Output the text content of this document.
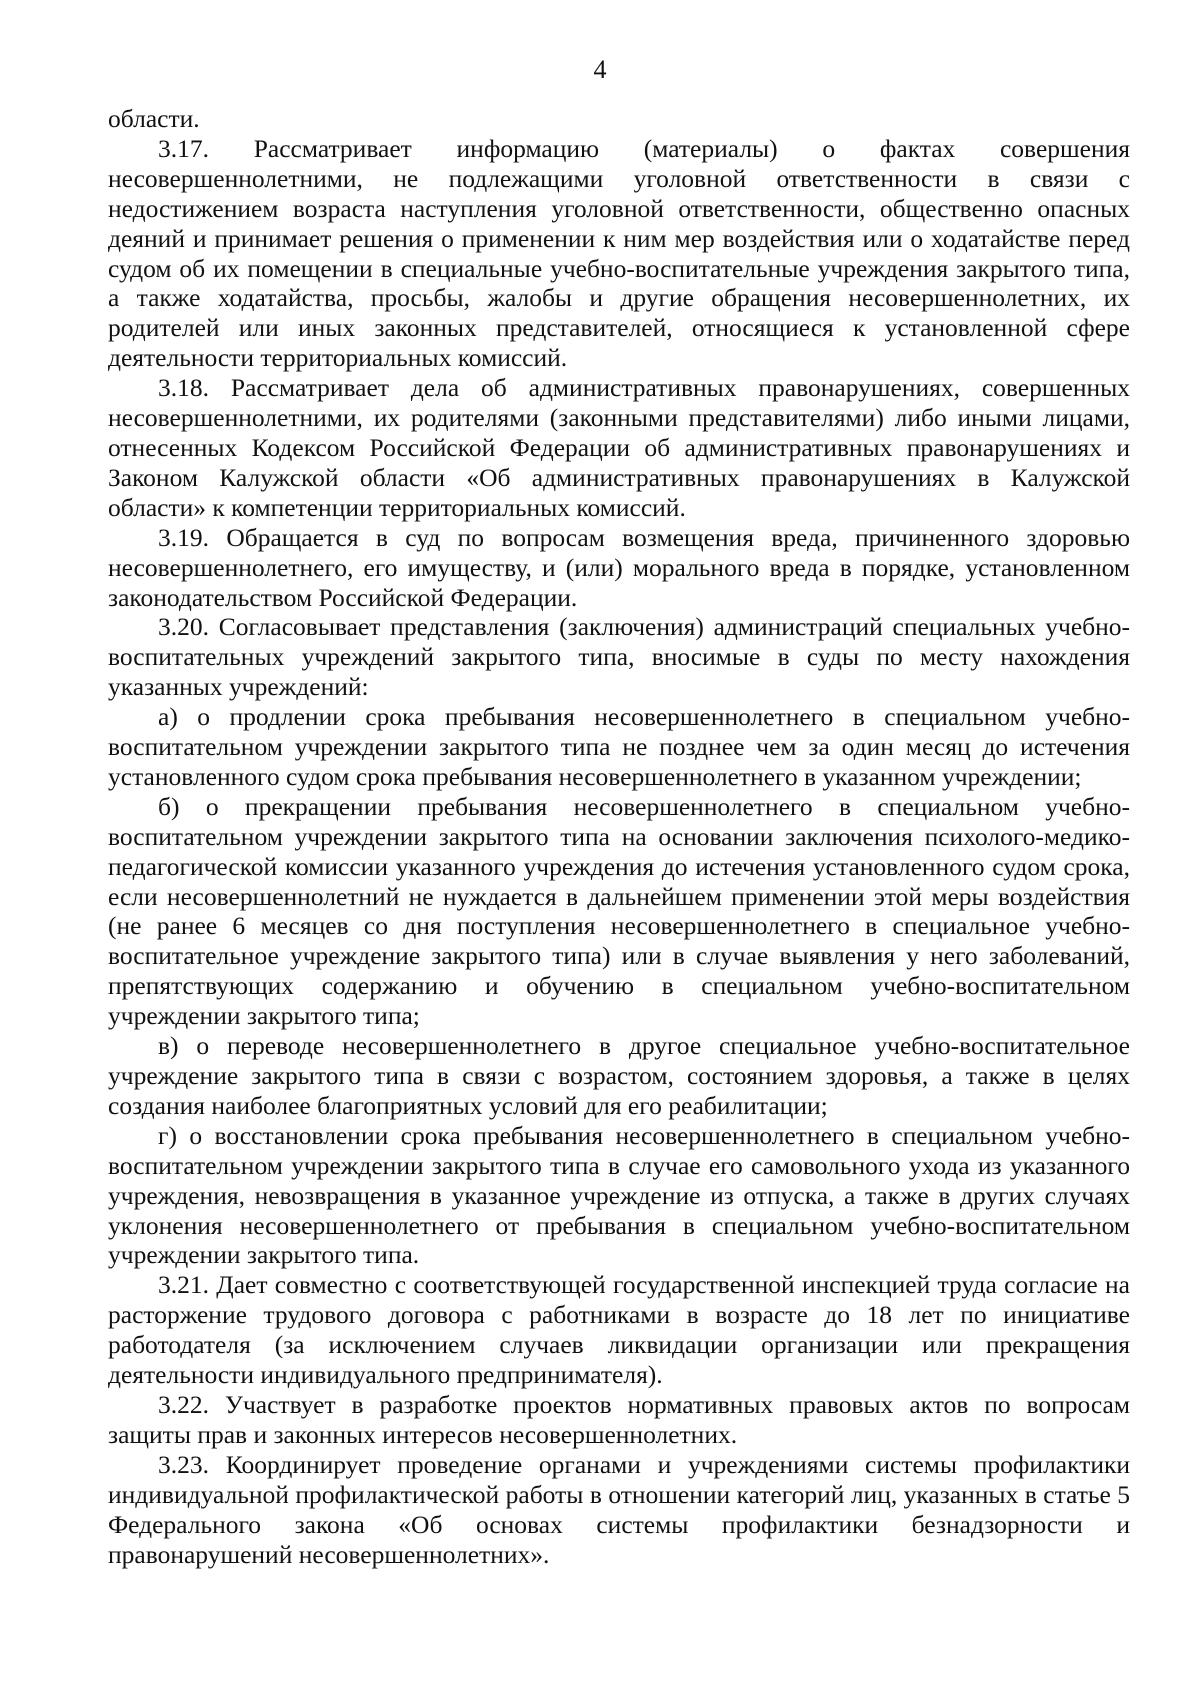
4

области.

3.17. Рассматривает информацию (материалы) о фактах совершения несовершеннолетними, не подлежащими уголовной ответственности в связи с недостижением возраста наступления уголовной ответственности, общественно опасных деяний и принимает решения о применении к ним мер воздействия или о ходатайстве перед судом об их помещении в специальные учебно-воспитательные учреждения закрытого типа, а также ходатайства, просьбы, жалобы и другие обращения несовершеннолетних, их родителей или иных законных представителей, относящиеся к установленной сфере деятельности территориальных комиссий.

3.18. Рассматривает дела об административных правонарушениях, совершенных несовершеннолетними, их родителями (законными представителями) либо иными лицами, отнесенных Кодексом Российской Федерации об административных правонарушениях и Законом Калужской области «Об административных правонарушениях в Калужской области» к компетенции территориальных комиссий.

3.19. Обращается в суд по вопросам возмещения вреда, причиненного здоровью несовершеннолетнего, его имуществу, и (или) морального вреда в порядке, установленном законодательством Российской Федерации.

3.20. Согласовывает представления (заключения) администраций специальных учебно-воспитательных учреждений закрытого типа, вносимые в суды по месту нахождения указанных учреждений:

а) о продлении срока пребывания несовершеннолетнего в специальном учебно-воспитательном учреждении закрытого типа не позднее чем за один месяц до истечения установленного судом срока пребывания несовершеннолетнего в указанном учреждении;

б) о прекращении пребывания несовершеннолетнего в специальном учебно-воспитательном учреждении закрытого типа на основании заключения психолого-медико-педагогической комиссии указанного учреждения до истечения установленного судом срока, если несовершеннолетний не нуждается в дальнейшем применении этой меры воздействия (не ранее 6 месяцев со дня поступления несовершеннолетнего в специальное учебно-воспитательное учреждение закрытого типа) или в случае выявления у него заболеваний, препятствующих содержанию и обучению в специальном учебно-воспитательном учреждении закрытого типа;

в) о переводе несовершеннолетнего в другое специальное учебно-воспитательное учреждение закрытого типа в связи с возрастом, состоянием здоровья, а также в целях создания наиболее благоприятных условий для его реабилитации;

г) о восстановлении срока пребывания несовершеннолетнего в специальном учебно-воспитательном учреждении закрытого типа в случае его самовольного ухода из указанного учреждения, невозвращения в указанное учреждение из отпуска, а также в других случаях уклонения несовершеннолетнего от пребывания в специальном учебно-воспитательном учреждении закрытого типа.

3.21. Дает совместно с соответствующей государственной инспекцией труда согласие на расторжение трудового договора с работниками в возрасте до 18 лет по инициативе работодателя (за исключением случаев ликвидации организации или прекращения деятельности индивидуального предпринимателя).

3.22. Участвует в разработке проектов нормативных правовых актов по вопросам защиты прав и законных интересов несовершеннолетних.

3.23. Координирует проведение органами и учреждениями системы профилактики индивидуальной профилактической работы в отношении категорий лиц, указанных в статье 5 Федерального закона «Об основах системы профилактики безнадзорности и правонарушений несовершеннолетних».
